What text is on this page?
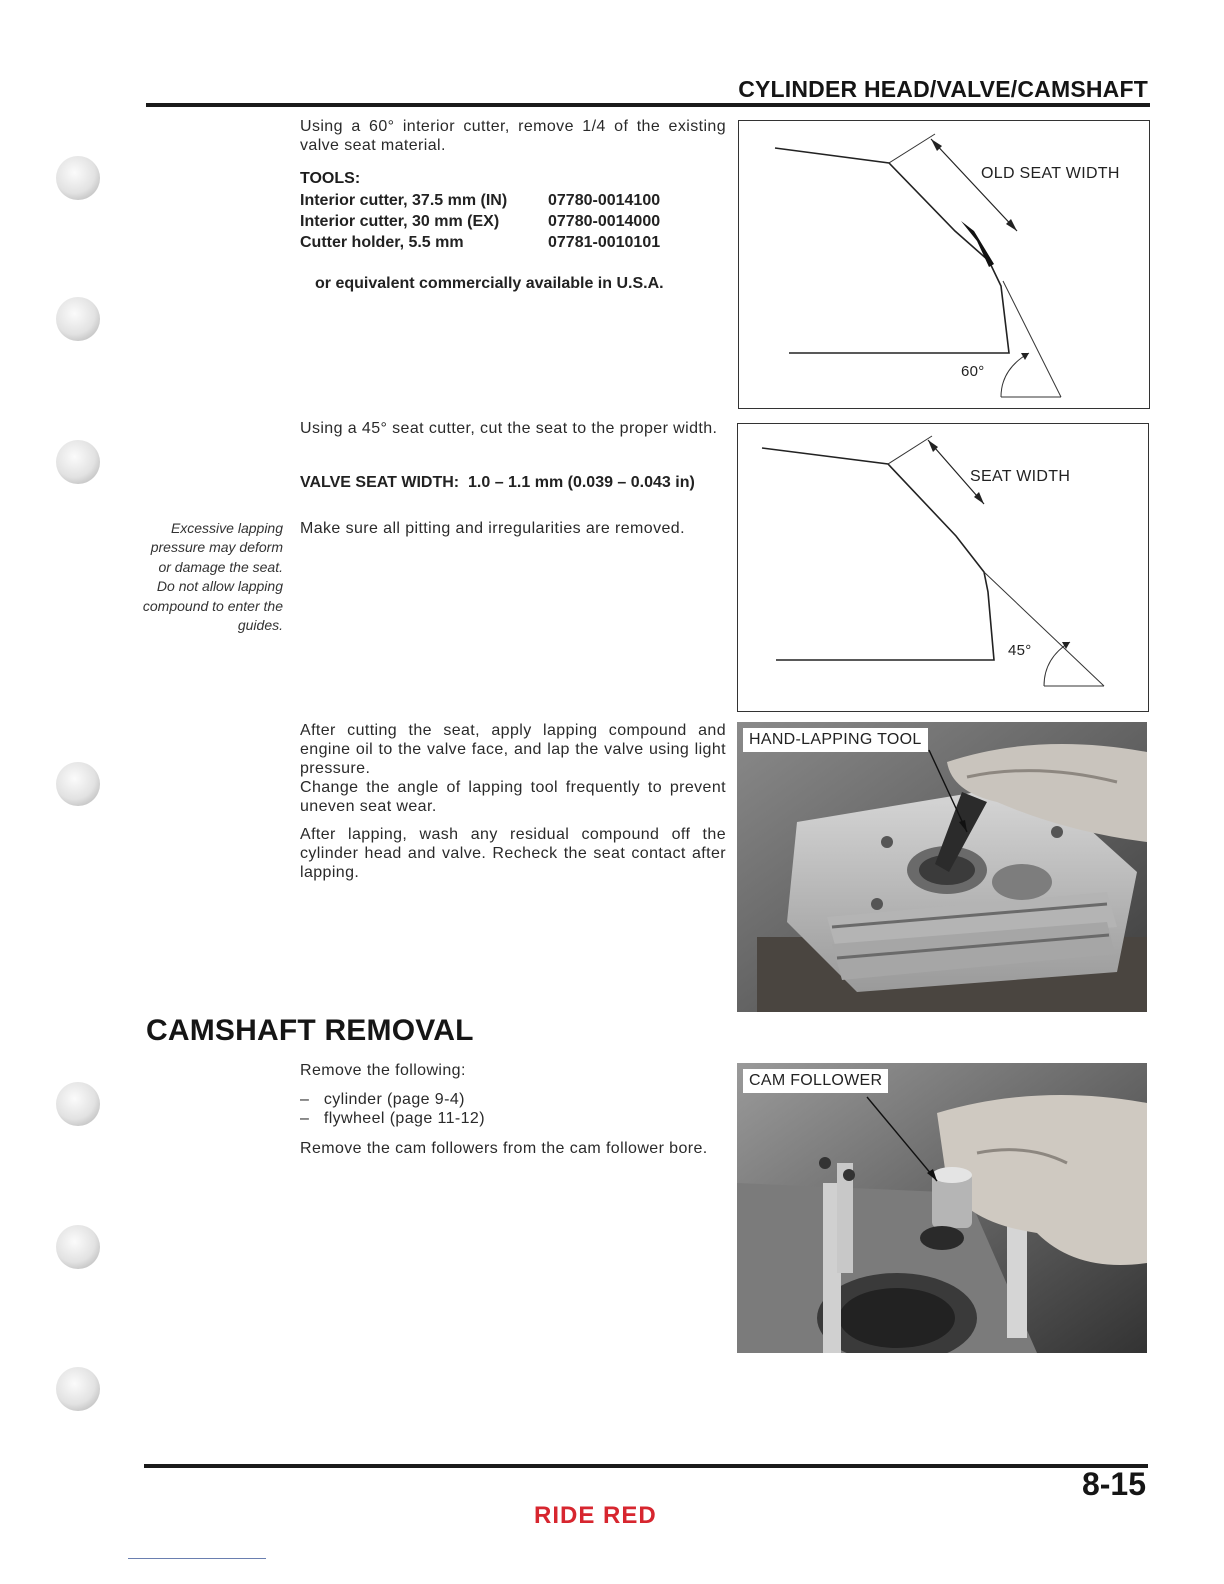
CYLINDER HEAD/VALVE/CAMSHAFT
Using a 60° interior cutter, remove 1/4 of the existing valve seat material.
TOOLS:
Interior cutter, 37.5 mm (IN)	07780-0014100
Interior cutter, 30 mm (EX)	07780-0014000
Cutter holder, 5.5 mm	07781-0010101
or equivalent commercially available in U.S.A.
OLD SEAT WIDTH
60°
Using a 45° seat cutter, cut the seat to the proper width.
VALVE SEAT WIDTH: 1.0 – 1.1 mm (0.039 – 0.043 in)
Make sure all pitting and irregularities are removed.
Excessive lapping pressure may deform or damage the seat.
Do not allow lapping compound to enter the guides.
SEAT WIDTH
45°
After cutting the seat, apply lapping compound and engine oil to the valve face, and lap the valve using light pressure.
Change the angle of lapping tool frequently to prevent uneven seat wear.
After lapping, wash any residual compound off the cylinder head and valve. Recheck the seat contact after lapping.
HAND-LAPPING TOOL
CAMSHAFT REMOVAL
Remove the following:
–   cylinder (page 9-4)
–   flywheel (page 11-12)
Remove the cam followers from the cam follower bore.
CAM FOLLOWER
8-15
RIDE RED
